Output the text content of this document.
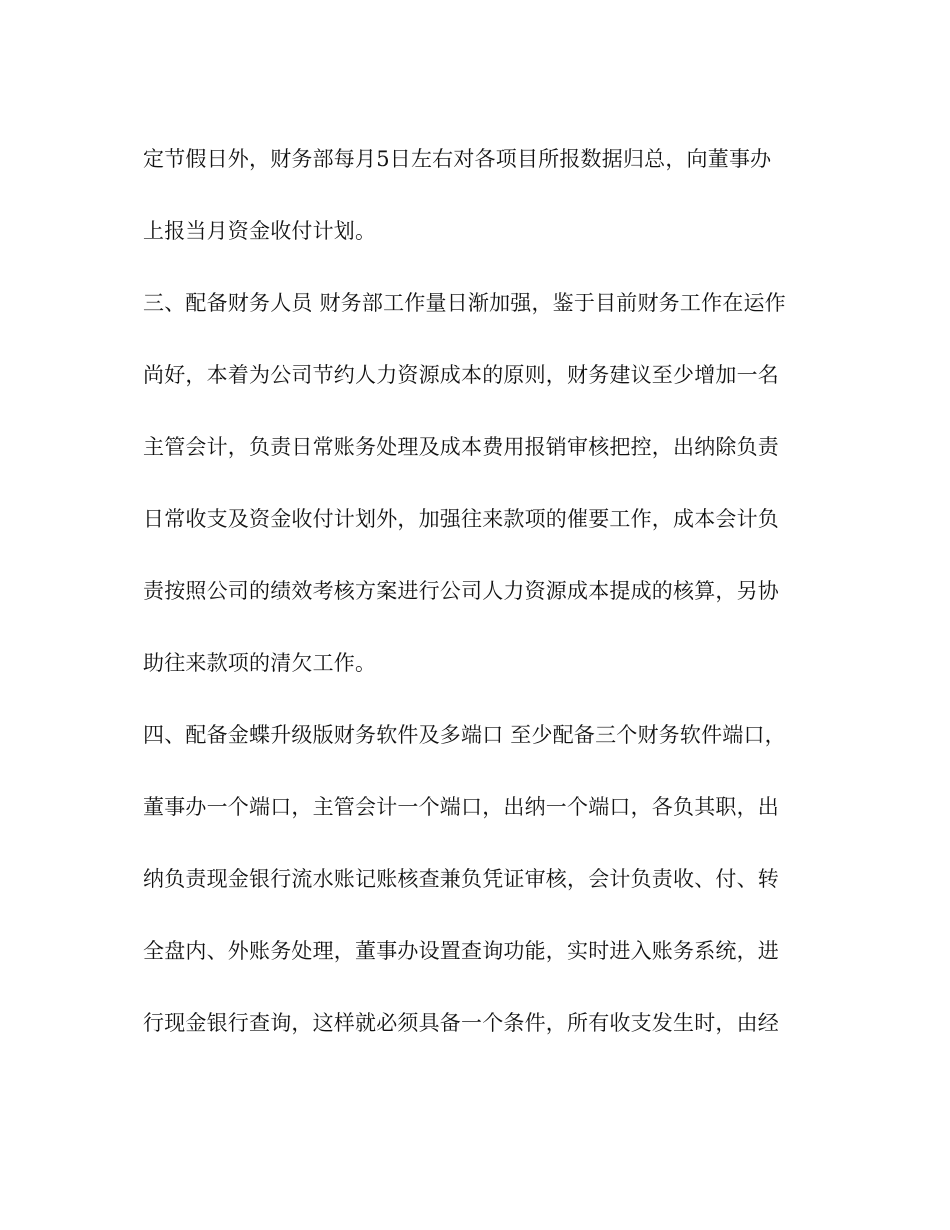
定节假日外，财务部每月5日左右对各项目所报数据归总，向董事办
上报当月资金收付计划。
三、配备财务人员 财务部工作量日渐加强，鉴于目前财务工作在运作
尚好，本着为公司节约人力资源成本的原则，财务建议至少增加一名
主管会计，负责日常账务处理及成本费用报销审核把控，出纳除负责
日常收支及资金收付计划外，加强往来款项的催要工作，成本会计负
责按照公司的绩效考核方案进行公司人力资源成本提成的核算，另协
助往来款项的清欠工作。
四、配备金蝶升级版财务软件及多端口 至少配备三个财务软件端口，
董事办一个端口，主管会计一个端口，出纳一个端口，各负其职，出
纳负责现金银行流水账记账核查兼负凭证审核，会计负责收、付、转
全盘内、外账务处理，董事办设置查询功能，实时进入账务系统，进
行现金银行查询，这样就必须具备一个条件，所有收支发生时，由经
